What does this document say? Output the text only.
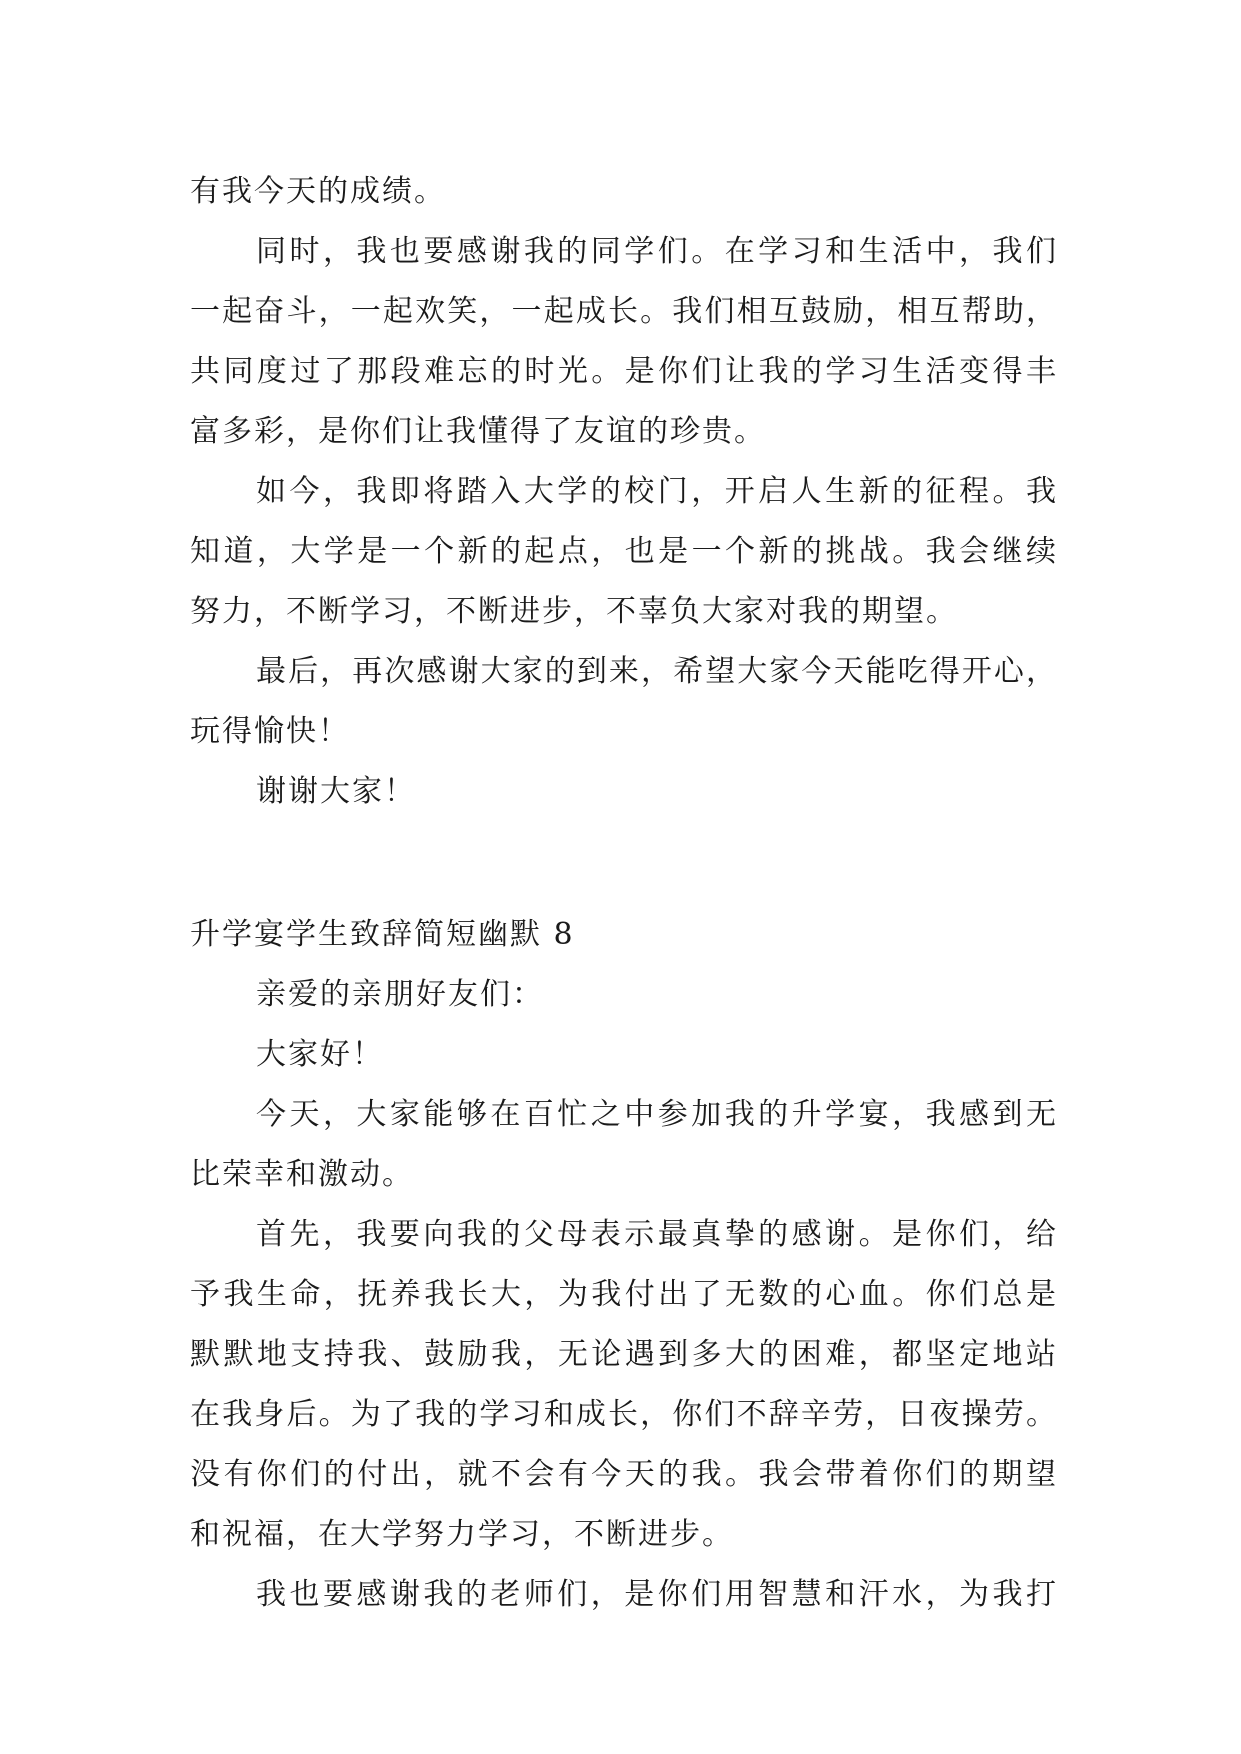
有我今天的成绩。
同时，我也要感谢我的同学们。在学习和生活中，我们
一起奋斗，一起欢笑，一起成长。我们相互鼓励，相互帮助，
共同度过了那段难忘的时光。是你们让我的学习生活变得丰
富多彩，是你们让我懂得了友谊的珍贵。
如今，我即将踏入大学的校门，开启人生新的征程。我
知道，大学是一个新的起点，也是一个新的挑战。我会继续
努力，不断学习，不断进步，不辜负大家对我的期望。
最后，再次感谢大家的到来，希望大家今天能吃得开心，
玩得愉快！
谢谢大家！
升学宴学生致辞简短幽默 8
亲爱的亲朋好友们：
大家好！
今天，大家能够在百忙之中参加我的升学宴，我感到无
比荣幸和激动。
首先，我要向我的父母表示最真挚的感谢。是你们，给
予我生命，抚养我长大，为我付出了无数的心血。你们总是
默默地支持我、鼓励我，无论遇到多大的困难，都坚定地站
在我身后。为了我的学习和成长，你们不辞辛劳，日夜操劳。
没有你们的付出，就不会有今天的我。我会带着你们的期望
和祝福，在大学努力学习，不断进步。
我也要感谢我的老师们，是你们用智慧和汗水，为我打
